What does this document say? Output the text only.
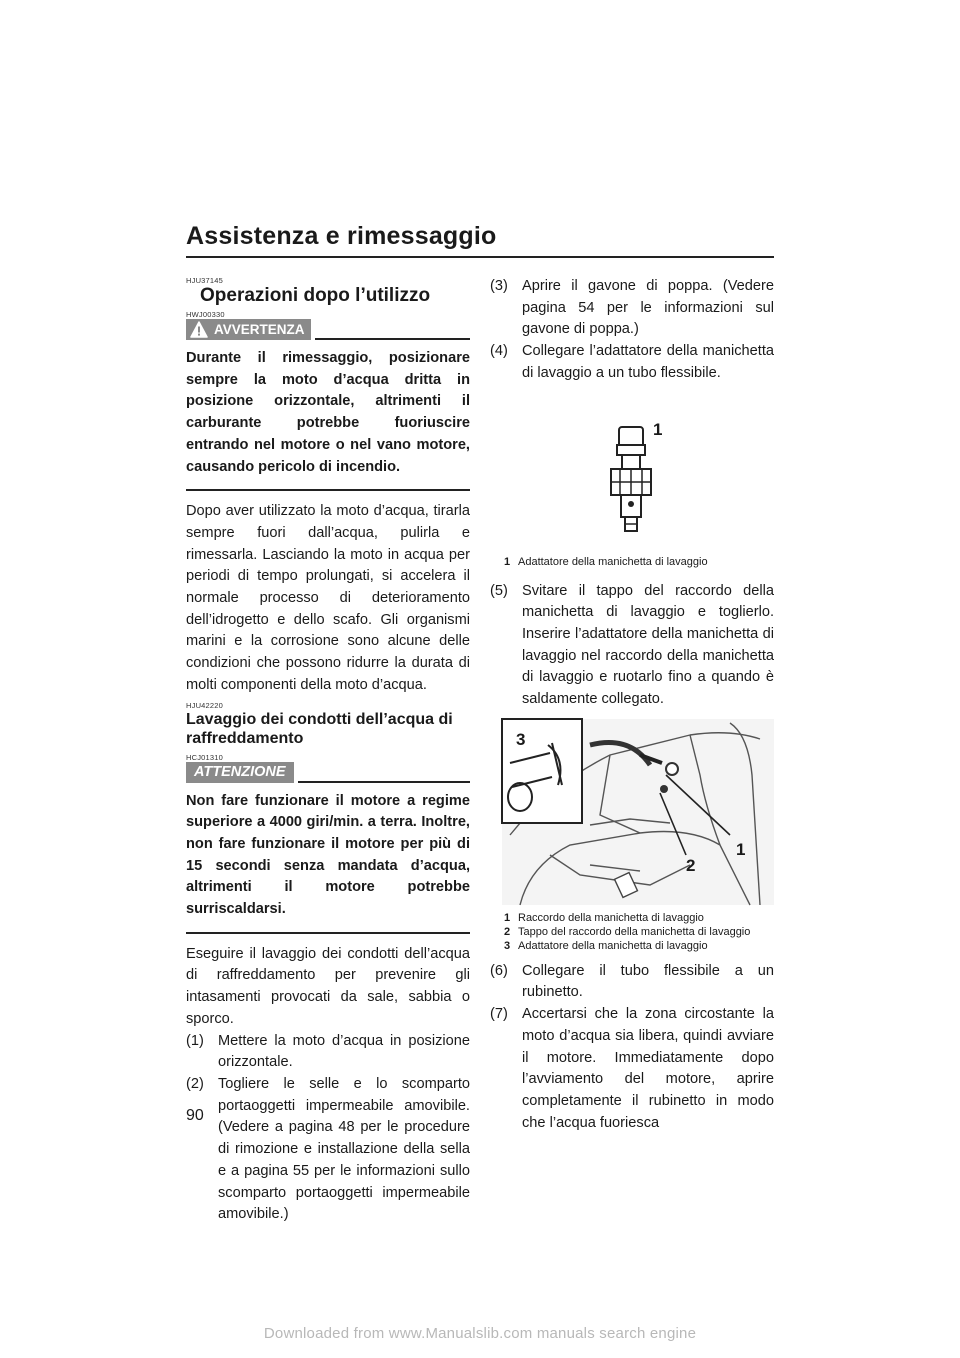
Assistenza e rimessaggio
HJU37145
Operazioni dopo l’utilizzo
HWJ00330
AVVERTENZA
Durante il rimessaggio, posizionare sempre la moto d’acqua dritta in posizione orizzontale, altrimenti il carburante potrebbe fuoriuscire entrando nel motore o nel vano motore, causando pericolo di incendio.
Dopo aver utilizzato la moto d’acqua, tirarla sempre fuori dall’acqua, pulirla e rimessarla. Lasciando la moto in acqua per periodi di tempo prolungati, si accelera il normale processo di deterioramento dell’idrogetto e dello scafo. Gli organismi marini e la corrosione sono alcune delle condizioni che possono ridurre la durata di molti componenti della moto d’acqua.
HJU42220
Lavaggio dei condotti dell’acqua di raffreddamento
HCJ01310
ATTENZIONE
Non fare funzionare il motore a regime superiore a 4000 giri/min. a terra. Inoltre, non fare funzionare il motore per più di 15 secondi senza mandata d’acqua, altrimenti il motore potrebbe surriscaldarsi.
Eseguire il lavaggio dei condotti dell’acqua di raffreddamento per prevenire gli intasamenti provocati da sale, sabbia o sporco.
(1) Mettere la moto d’acqua in posizione orizzontale.
(2) Togliere le selle e lo scomparto portaoggetti impermeabile amovibile. (Vedere a pagina 48 per le procedure di rimozione e installazione della sella e a pagina 55 per le informazioni sullo scomparto portaoggetti impermeabile amovibile.)
(3) Aprire il gavone di poppa. (Vedere pagina 54 per le informazioni sul gavone di poppa.)
(4) Collegare l’adattatore della manichetta di lavaggio a un tubo flessibile.
1
1 Adattatore della manichetta di lavaggio
(5) Svitare il tappo del raccordo della manichetta di lavaggio e toglierlo. Inserire l’adattatore della manichetta di lavaggio nel raccordo della manichetta di lavaggio e ruotarlo fino a quando è saldamente collegato.
3
1
2
1 Raccordo della manichetta di lavaggio
2 Tappo del raccordo della manichetta di lavaggio
3 Adattatore della manichetta di lavaggio
(6) Collegare il tubo flessibile a un rubinetto.
(7) Accertarsi che la zona circostante la moto d’acqua sia libera, quindi avviare il motore. Immediatamente dopo l’avviamento del motore, aprire completamente il rubinetto in modo che l’acqua fuoriesca
90
Downloaded from www.Manualslib.com manuals search engine
